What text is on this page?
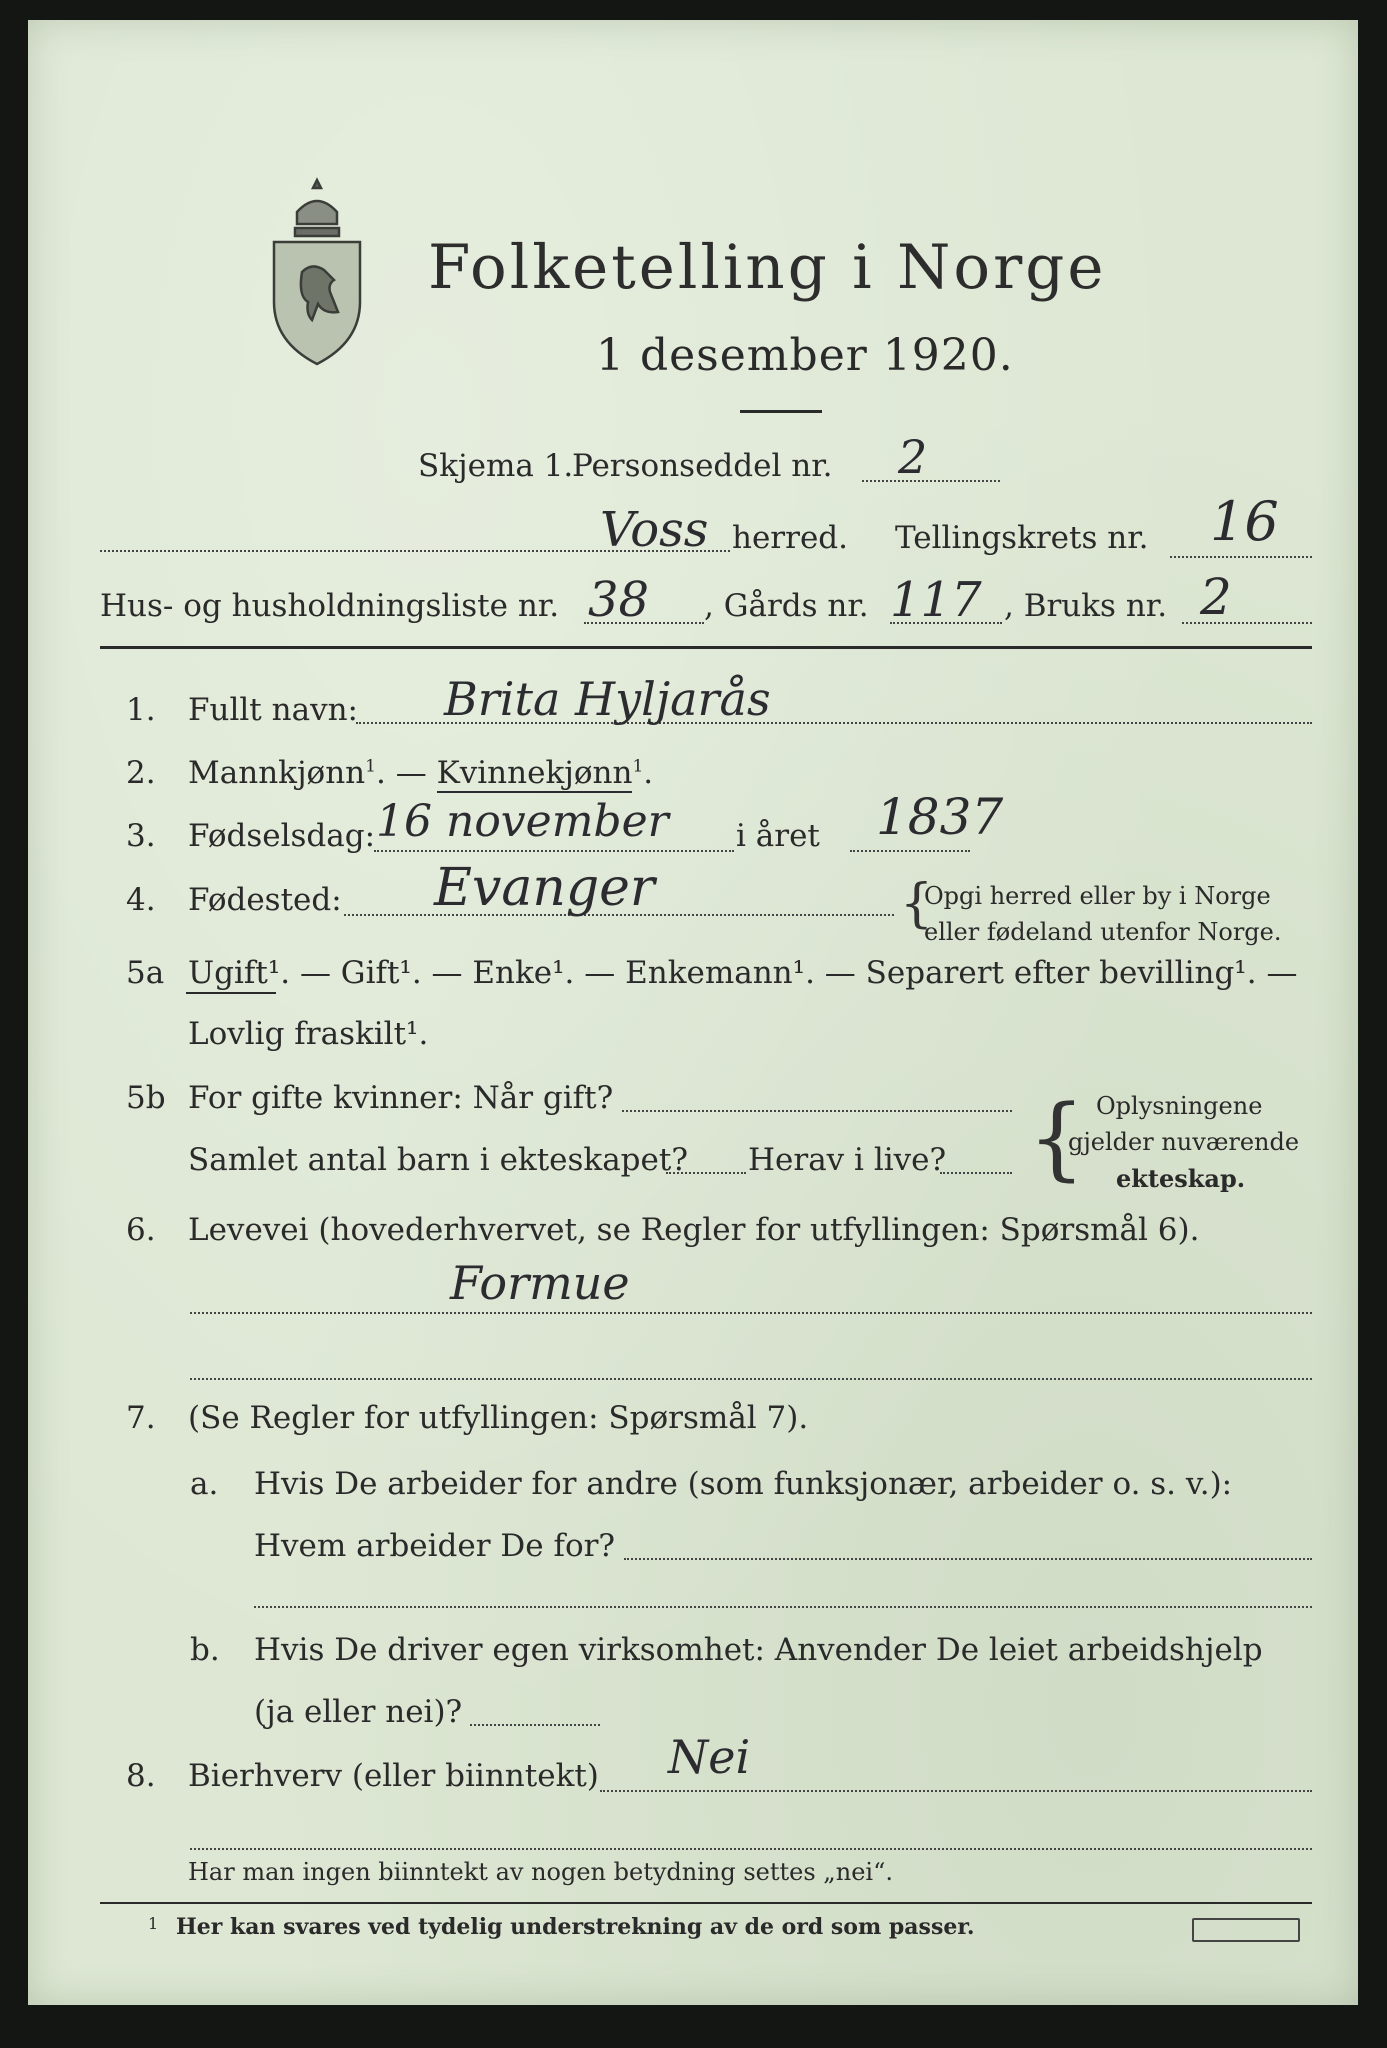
Folketelling i Norge
1 desember 1920.
Skjema 1.
Personseddel nr. 2
Voss herred. Tellingskrets nr. 16
Hus- og husholdningsliste nr. 38 , Gårds nr. 117 , Bruks nr. 2
1. Fullt navn: Brita Hyljarås
2. Mannkjønn$^1$. — Kvinnekjønn$^1$.
3. Fødselsdag: 16 november i året 1837
4. Fødested: Evanger	{
Opgi herred eller by i Norge
eller fødeland utenfor Norge.
5a Ugift¹. — Gift¹. — Enke¹. — Enkemann¹. — Separert efter bevilling¹. —
Lovlig fraskilt¹.
5b For gifte kvinner: Når gift?
Samlet antal barn i ekteskapet? Herav i live? { Oplysningene
gjelder nuværende
ekteskap.
6. Levevei (hovederhvervet, se Regler for utfyllingen: Spørsmål 6).
Formue
7. (Se Regler for utfyllingen: Spørsmål 7).
a. Hvis De arbeider for andre (som funksjonær, arbeider o. s. v.):
Hvem arbeider De for?
b. Hvis De driver egen virksomhet: Anvender De leiet arbeidshjelp
(ja eller nei)?
8. Bierhverv (eller biinntekt) Nei
Har man ingen biinntekt av nogen betydning settes „nei“.
1 Her kan svares ved tydelig understrekning av de ord som passer.
